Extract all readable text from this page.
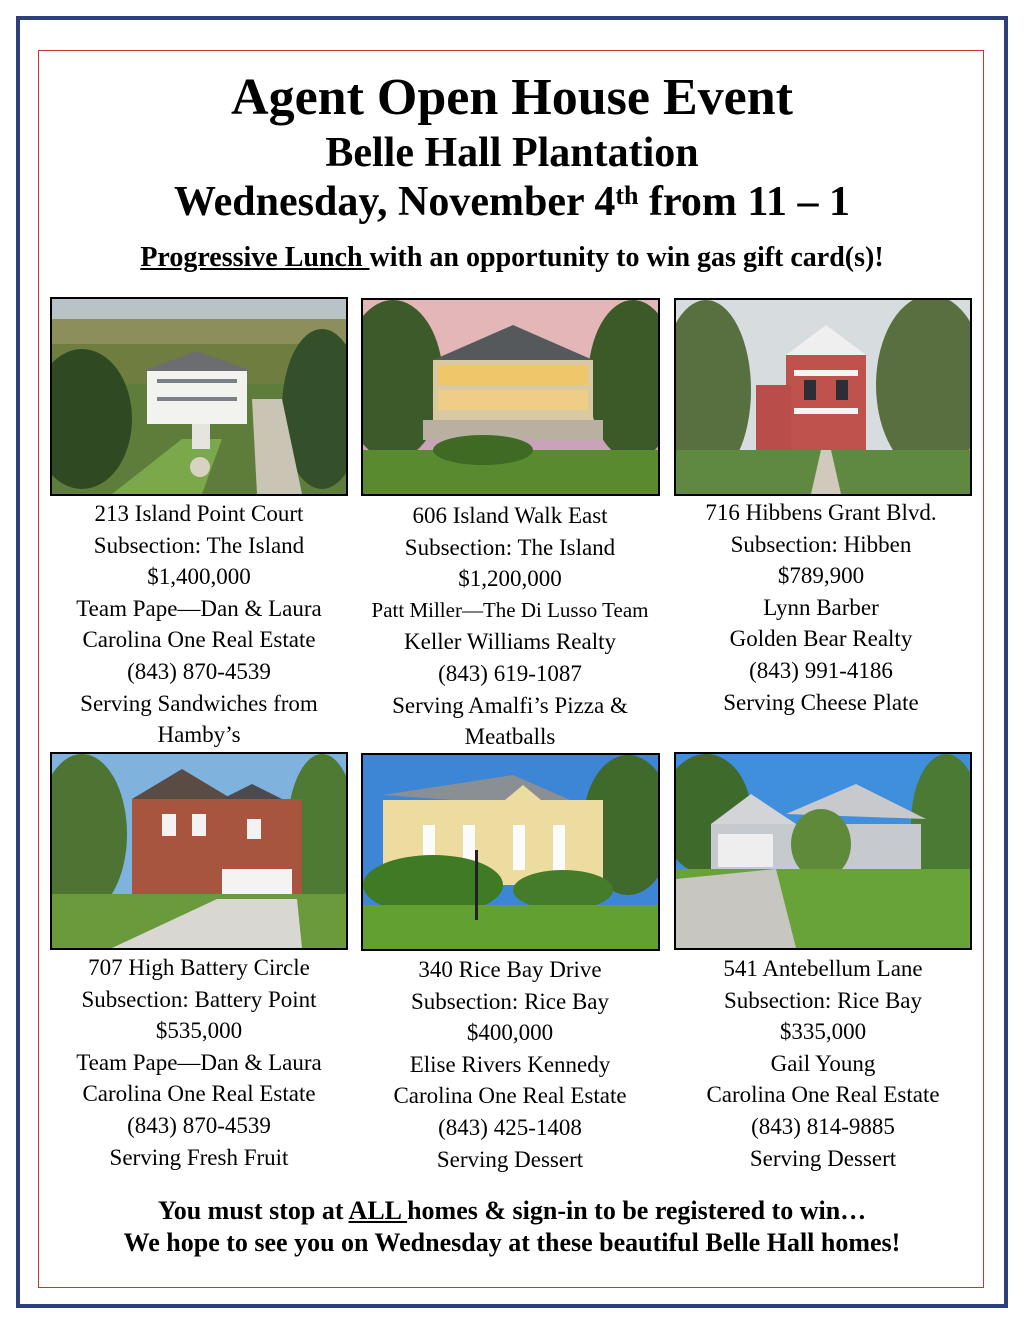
Agent Open House Event
Belle Hall Plantation
Wednesday, November 4th from 11 – 1
Progressive Lunch with an opportunity to win gas gift card(s)!
213 Island Point Court
Subsection: The Island
$1,400,000
Team Pape—Dan & Laura
Carolina One Real Estate
(843) 870-4539
Serving Sandwiches from
Hamby’s
606 Island Walk East
Subsection: The Island
$1,200,000
Patt Miller—The Di Lusso Team
Keller Williams Realty
(843) 619-1087
Serving Amalfi’s Pizza &
Meatballs
716 Hibbens Grant Blvd.
Subsection: Hibben
$789,900
Lynn Barber
Golden Bear Realty
(843) 991-4186
Serving Cheese Plate
707 High Battery Circle
Subsection: Battery Point
$535,000
Team Pape—Dan & Laura
Carolina One Real Estate
(843) 870-4539
Serving Fresh Fruit
340 Rice Bay Drive
Subsection: Rice Bay
$400,000
Elise Rivers Kennedy
Carolina One Real Estate
(843) 425-1408
Serving Dessert
541 Antebellum Lane
Subsection: Rice Bay
$335,000
Gail Young
Carolina One Real Estate
(843) 814-9885
Serving Dessert
You must stop at ALL homes & sign-in to be registered to win…
We hope to see you on Wednesday at these beautiful Belle Hall homes!
